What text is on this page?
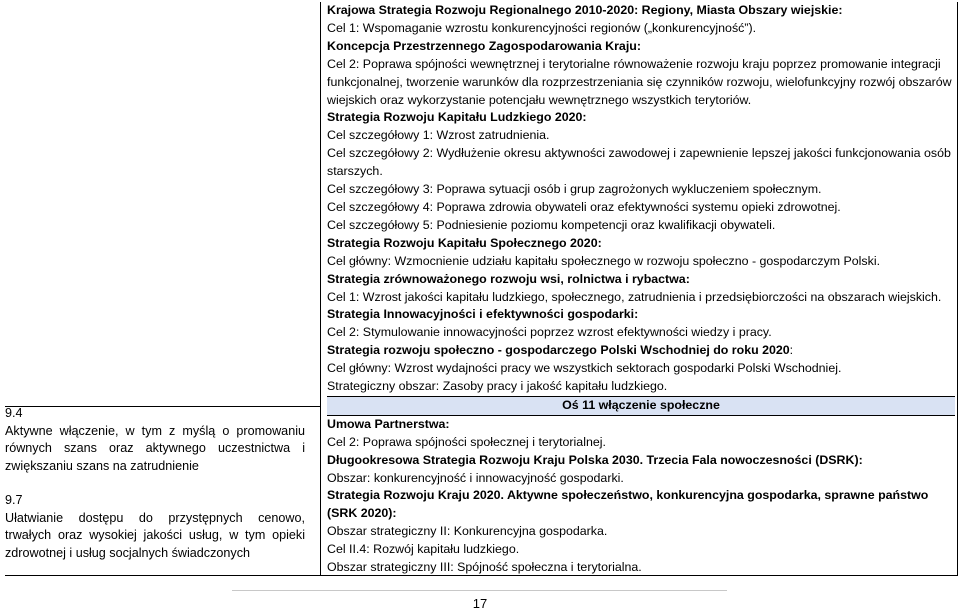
9.4

Aktywne włączenie, w tym z myślą o promowaniu równych szans oraz aktywnego uczestnictwa i zwiększaniu szans na zatrudnienie

9.7

Ułatwianie dostępu do przystępnych cenowo, trwałych oraz wysokiej jakości usług, w tym opieki zdrowotnej i usług socjalnych świadczonych

Krajowa Strategia Rozwoju Regionalnego 2010-2020: Regiony, Miasta Obszary wiejskie:

Cel 1: Wspomaganie wzrostu konkurencyjności regionów („konkurencyjność”).

Koncepcja Przestrzennego Zagospodarowania Kraju:

Cel 2: Poprawa spójności wewnętrznej i terytorialne równoważenie rozwoju kraju poprzez promowanie integracji funkcjonalnej, tworzenie warunków dla rozprzestrzeniania się czynników rozwoju, wielofunkcyjny rozwój obszarów wiejskich oraz wykorzystanie potencjału wewnętrznego wszystkich terytoriów.

Strategia Rozwoju Kapitału Ludzkiego 2020:

Cel szczegółowy 1: Wzrost zatrudnienia.

Cel szczegółowy 2: Wydłużenie okresu aktywności zawodowej i zapewnienie lepszej jakości funkcjonowania osób starszych.

Cel szczegółowy 3: Poprawa sytuacji osób i grup zagrożonych wykluczeniem społecznym.

Cel szczegółowy 4: Poprawa zdrowia obywateli oraz efektywności systemu opieki zdrowotnej.

Cel szczegółowy 5: Podniesienie poziomu kompetencji oraz kwalifikacji obywateli.

Strategia Rozwoju Kapitału Społecznego 2020:

Cel główny: Wzmocnienie udziału kapitału społecznego w rozwoju społeczno - gospodarczym Polski.

Strategia zrównoważonego rozwoju wsi, rolnictwa i rybactwa:

Cel 1: Wzrost jakości kapitału ludzkiego, społecznego, zatrudnienia i przedsiębiorczości na obszarach wiejskich.

Strategia Innowacyjności i efektywności gospodarki:

Cel 2: Stymulowanie innowacyjności poprzez wzrost efektywności wiedzy i pracy.

Strategia rozwoju społeczno - gospodarczego Polski Wschodniej do roku 2020:

Cel główny: Wzrost wydajności pracy we wszystkich sektorach gospodarki Polski Wschodniej.

Strategiczny obszar: Zasoby pracy i jakość kapitału ludzkiego.

Oś 11 włączenie społeczne

Umowa Partnerstwa:

Cel 2: Poprawa spójności społecznej i terytorialnej.

Długookresowa Strategia Rozwoju Kraju Polska 2030. Trzecia Fala nowoczesności (DSRK):

Obszar: konkurencyjność i innowacyjność gospodarki.

Strategia Rozwoju Kraju 2020. Aktywne społeczeństwo, konkurencyjna gospodarka, sprawne państwo (SRK 2020):

Obszar strategiczny II: Konkurencyjna gospodarka.

Cel II.4: Rozwój kapitału ludzkiego.

Obszar strategiczny III: Spójność społeczna i terytorialna.

17
